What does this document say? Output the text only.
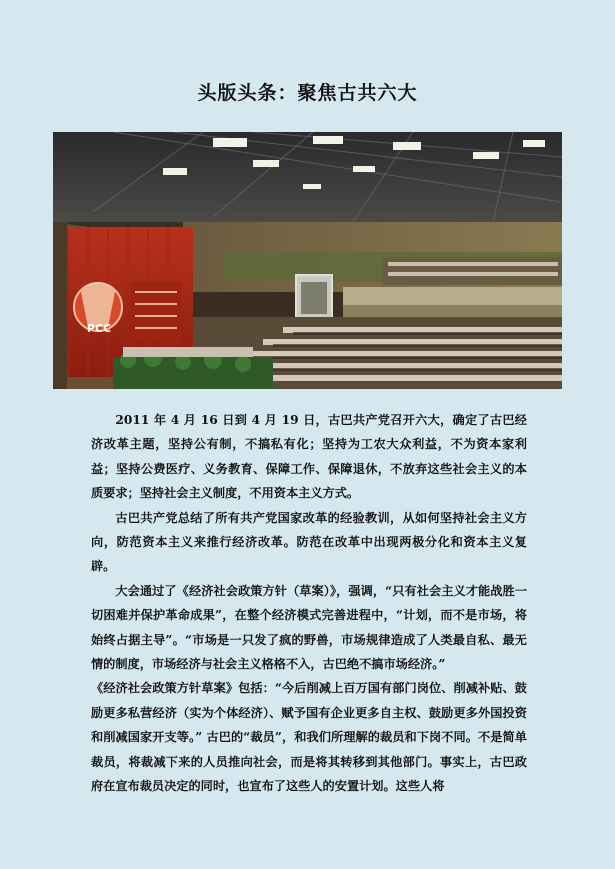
头版头条：聚焦古共六大
PCC

2011 年 4 月 16 日到 4 月 19 日，古巴共产党召开六大，确定了古巴经济改革主题，坚持公有制，不搞私有化；坚持为工农大众利益，不为资本家利益；坚持公费医疗、义务教育、保障工作、保障退休，不放弃这些社会主义的本质要求；坚持社会主义制度，不用资本主义方式。

古巴共产党总结了所有共产党国家改革的经验教训，从如何坚持社会主义方向，防范资本主义来推行经济改革。防范在改革中出现两极分化和资本主义复辟。

大会通过了《经济社会政策方针（草案）》，强调，“只有社会主义才能战胜一切困难并保护革命成果”，在整个经济模式完善进程中，“计划，而不是市场，将始终占据主导”。“市场是一只发了疯的野兽，市场规律造成了人类最自私、最无情的制度，市场经济与社会主义格格不入，古巴绝不搞市场经济。”

《经济社会政策方针草案》包括：“今后削减上百万国有部门岗位、削减补贴、鼓励更多私营经济（实为个体经济）、赋予国有企业更多自主权、鼓励更多外国投资和削减国家开支等。” 古巴的“裁员”，和我们所理解的裁员和下岗不同。不是简单裁员，将裁减下来的人员推向社会，而是将其转移到其他部门。事实上，古巴政府在宣布裁员决定的同时，也宣布了这些人的安置计划。这些人将
